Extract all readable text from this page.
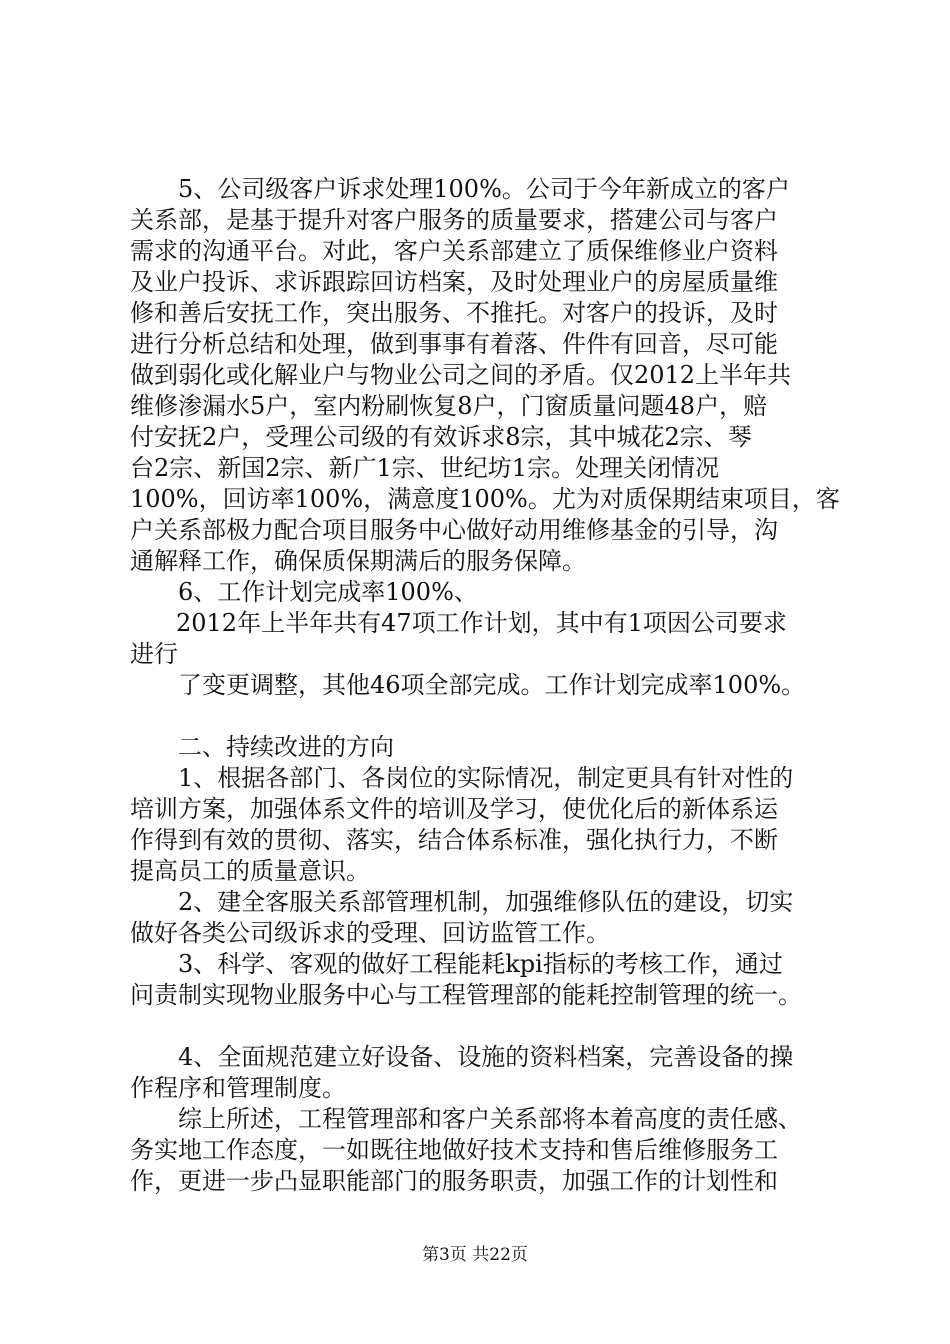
5、公司级客户诉求处理100%。公司于今年新成立的客户
关系部，是基于提升对客户服务的质量要求，搭建公司与客户
需求的沟通平台。对此，客户关系部建立了质保维修业户资料
及业户投诉、求诉跟踪回访档案，及时处理业户的房屋质量维
修和善后安抚工作，突出服务、不推托。对客户的投诉，及时
进行分析总结和处理，做到事事有着落、件件有回音，尽可能
做到弱化或化解业户与物业公司之间的矛盾。仅2012上半年共
维修渗漏水5户，室内粉刷恢复8户，门窗质量问题48户，赔
付安抚2户，受理公司级的有效诉求8宗，其中城花2宗、琴
台2宗、新国2宗、新广1宗、世纪坊1宗。处理关闭情况
100%，回访率100%，满意度100%。尤为对质保期结束项目，客
户关系部极力配合项目服务中心做好动用维修基金的引导，沟
通解释工作，确保质保期满后的服务保障。
6、工作计划完成率100%、
2012年上半年共有47项工作计划，其中有1项因公司要求
进行
了变更调整，其他46项全部完成。工作计划完成率100%。
二、持续改进的方向
1、根据各部门、各岗位的实际情况，制定更具有针对性的
培训方案，加强体系文件的培训及学习，使优化后的新体系运
作得到有效的贯彻、落实，结合体系标准，强化执行力，不断
提高员工的质量意识。
2、建全客服关系部管理机制，加强维修队伍的建设，切实
做好各类公司级诉求的受理、回访监管工作。
3、科学、客观的做好工程能耗kpi指标的考核工作，通过
问责制实现物业服务中心与工程管理部的能耗控制管理的统一。
4、全面规范建立好设备、设施的资料档案，完善设备的操
作程序和管理制度。
综上所述，工程管理部和客户关系部将本着高度的责任感、
务实地工作态度，一如既往地做好技术支持和售后维修服务工
作，更进一步凸显职能部门的服务职责，加强工作的计划性和
第3页 共22页
